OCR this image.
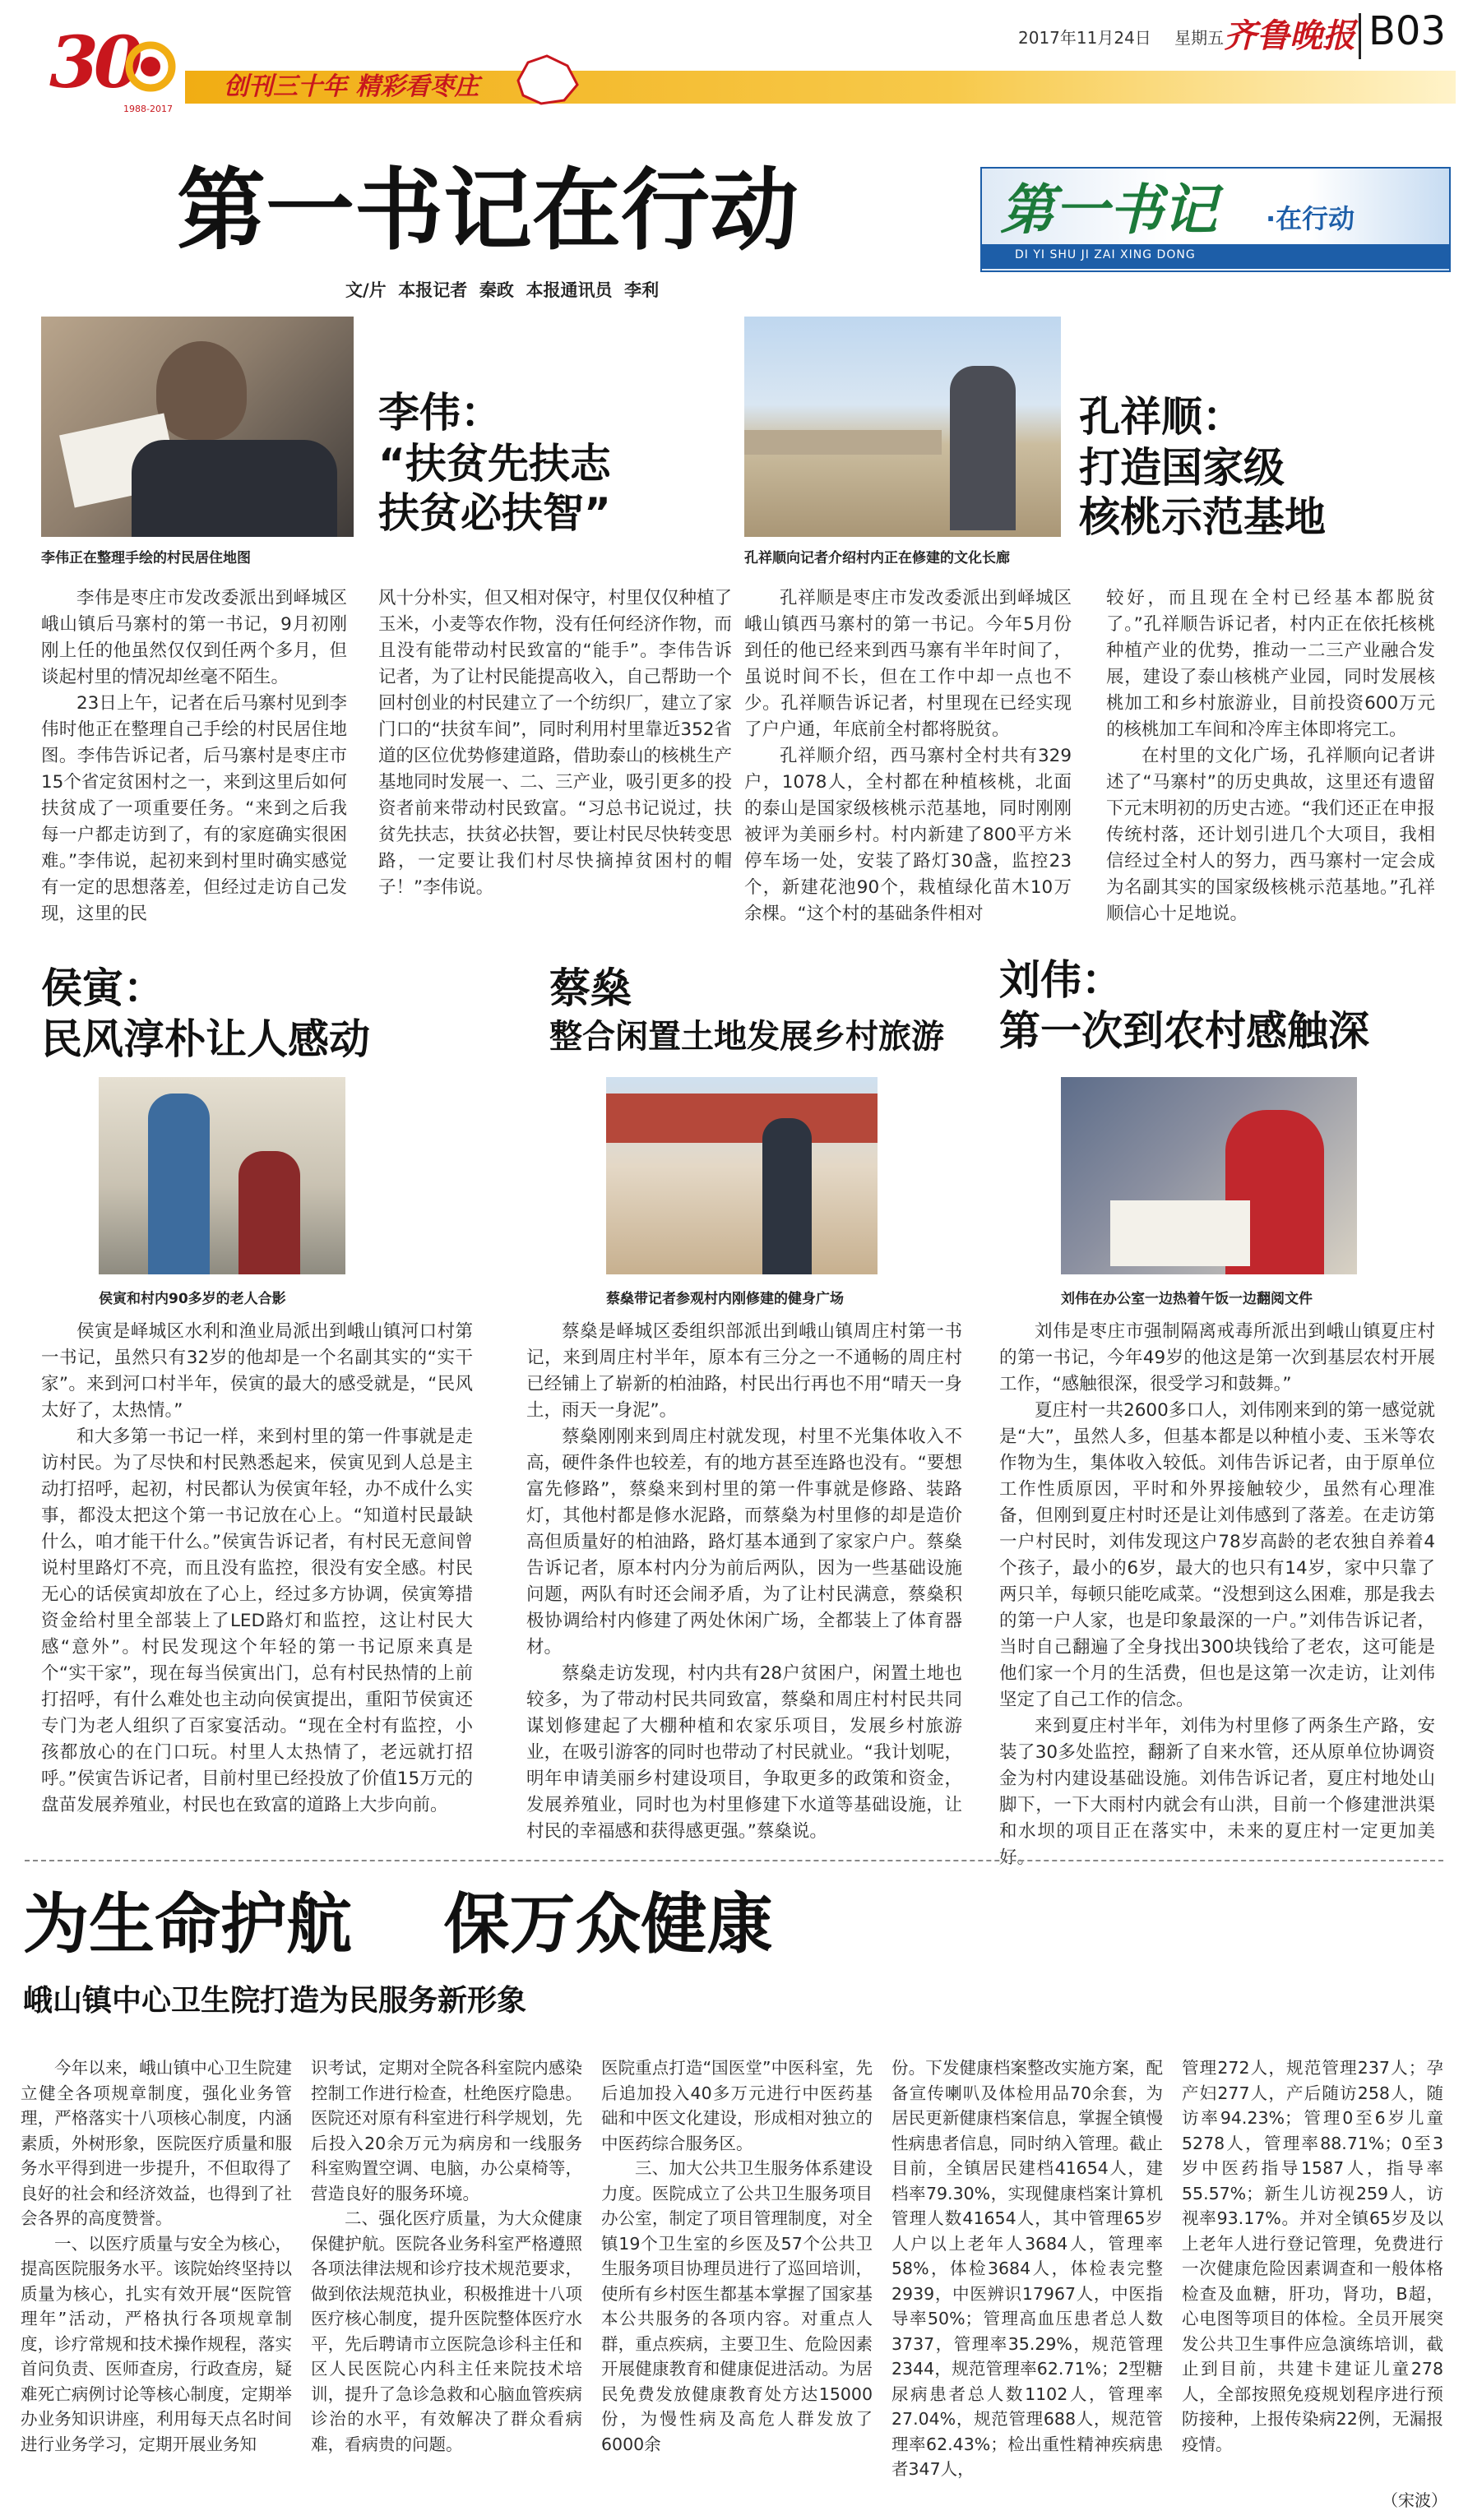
30
1988-2017
创刊三十年 精彩看枣庄
2017年11月24日 星期五 齐鲁晚报 B03
第一书记在行动
文/片  本报记者  秦政  本报通讯员  李利
第一书记 ·在行动
DI YI SHU JI ZAI XING DONG
李伟正在整理手绘的村民居住地图
李伟：
“扶贫先扶志
扶贫必扶智”

李伟是枣庄市发改委派出到峄城区峨山镇后马寨村的第一书记，9月初刚刚上任的他虽然仅仅到任两个多月，但谈起村里的情况却丝毫不陌生。

23日上午，记者在后马寨村见到李伟时他正在整理自己手绘的村民居住地图。李伟告诉记者，后马寨村是枣庄市15个省定贫困村之一，来到这里后如何扶贫成了一项重要任务。“来到之后我每一户都走访到了，有的家庭确实很困难。”李伟说，起初来到村里时确实感觉有一定的思想落差，但经过走访自己发现，这里的民

风十分朴实，但又相对保守，村里仅仅种植了玉米，小麦等农作物，没有任何经济作物，而且没有能带动村民致富的“能手”。李伟告诉记者，为了让村民能提高收入，自己帮助一个回村创业的村民建立了一个纺织厂，建立了家门口的“扶贫车间”，同时利用村里靠近352省道的区位优势修建道路，借助泰山的核桃生产基地同时发展一、二、三产业，吸引更多的投资者前来带动村民致富。“习总书记说过，扶贫先扶志，扶贫必扶智，要让村民尽快转变思路，一定要让我们村尽快摘掉贫困村的帽子！”李伟说。

孔祥顺向记者介绍村内正在修建的文化长廊
孔祥顺：
打造国家级
核桃示范基地

孔祥顺是枣庄市发改委派出到峄城区峨山镇西马寨村的第一书记。今年5月份到任的他已经来到西马寨有半年时间了，虽说时间不长，但在工作中却一点也不少。孔祥顺告诉记者，村里现在已经实现了户户通，年底前全村都将脱贫。

孔祥顺介绍，西马寨村全村共有329户，1078人，全村都在种植核桃，北面的泰山是国家级核桃示范基地，同时刚刚被评为美丽乡村。村内新建了800平方米停车场一处，安装了路灯30盏，监控23个，新建花池90个，栽植绿化苗木10万余棵。“这个村的基础条件相对

较好，而且现在全村已经基本都脱贫了。”孔祥顺告诉记者，村内正在依托核桃种植产业的优势，推动一二三产业融合发展，建设了泰山核桃产业园，同时发展核桃加工和乡村旅游业，目前投资600万元的核桃加工车间和冷库主体即将完工。

在村里的文化广场，孔祥顺向记者讲述了“马寨村”的历史典故，这里还有遗留下元末明初的历史古迹。“我们还正在申报传统村落，还计划引进几个大项目，我相信经过全村人的努力，西马寨村一定会成为名副其实的国家级核桃示范基地。”孔祥顺信心十足地说。

侯寅：
民风淳朴让人感动
侯寅和村内90多岁的老人合影

侯寅是峄城区水利和渔业局派出到峨山镇河口村第一书记，虽然只有32岁的他却是一个名副其实的“实干家”。来到河口村半年，侯寅的最大的感受就是，“民风太好了，太热情。”

和大多第一书记一样，来到村里的第一件事就是走访村民。为了尽快和村民熟悉起来，侯寅见到人总是主动打招呼，起初，村民都认为侯寅年轻，办不成什么实事，都没太把这个第一书记放在心上。“知道村民最缺什么，咱才能干什么。”侯寅告诉记者，有村民无意间曾说村里路灯不亮，而且没有监控，很没有安全感。村民无心的话侯寅却放在了心上，经过多方协调，侯寅筹措资金给村里全部装上了LED路灯和监控，这让村民大感“意外”。村民发现这个年轻的第一书记原来真是个“实干家”，现在每当侯寅出门，总有村民热情的上前打招呼，有什么难处也主动向侯寅提出，重阳节侯寅还专门为老人组织了百家宴活动。“现在全村有监控，小孩都放心的在门口玩。村里人太热情了，老远就打招呼。”侯寅告诉记者，目前村里已经投放了价值15万元的盘苗发展养殖业，村民也在致富的道路上大步向前。

蔡燊
整合闲置土地发展乡村旅游
蔡燊带记者参观村内刚修建的健身广场

蔡燊是峄城区委组织部派出到峨山镇周庄村第一书记，来到周庄村半年，原本有三分之一不通畅的周庄村已经铺上了崭新的柏油路，村民出行再也不用“晴天一身土，雨天一身泥”。

蔡燊刚刚来到周庄村就发现，村里不光集体收入不高，硬件条件也较差，有的地方甚至连路也没有。“要想富先修路”，蔡燊来到村里的第一件事就是修路、装路灯，其他村都是修水泥路，而蔡燊为村里修的却是造价高但质量好的柏油路，路灯基本通到了家家户户。蔡燊告诉记者，原本村内分为前后两队，因为一些基础设施问题，两队有时还会闹矛盾，为了让村民满意，蔡燊积极协调给村内修建了两处休闲广场，全都装上了体育器材。

蔡燊走访发现，村内共有28户贫困户，闲置土地也较多，为了带动村民共同致富，蔡燊和周庄村村民共同谋划修建起了大棚种植和农家乐项目，发展乡村旅游业，在吸引游客的同时也带动了村民就业。“我计划呢，明年申请美丽乡村建设项目，争取更多的政策和资金，发展养殖业，同时也为村里修建下水道等基础设施，让村民的幸福感和获得感更强。”蔡燊说。

刘伟：
第一次到农村感触深
刘伟在办公室一边热着午饭一边翻阅文件

刘伟是枣庄市强制隔离戒毒所派出到峨山镇夏庄村的第一书记，今年49岁的他这是第一次到基层农村开展工作，“感触很深，很受学习和鼓舞。”

夏庄村一共2600多口人，刘伟刚来到的第一感觉就是“大”，虽然人多，但基本都是以种植小麦、玉米等农作物为生，集体收入较低。刘伟告诉记者，由于原单位工作性质原因，平时和外界接触较少，虽然有心理准备，但刚到夏庄村时还是让刘伟感到了落差。在走访第一户村民时，刘伟发现这户78岁高龄的老农独自养着4个孩子，最小的6岁，最大的也只有14岁，家中只靠了两只羊，每顿只能吃咸菜。“没想到这么困难，那是我去的第一户人家，也是印象最深的一户。”刘伟告诉记者，当时自己翻遍了全身找出300块钱给了老农，这可能是他们家一个月的生活费，但也是这第一次走访，让刘伟坚定了自己工作的信念。

来到夏庄村半年，刘伟为村里修了两条生产路，安装了30多处监控，翻新了自来水管，还从原单位协调资金为村内建设基础设施。刘伟告诉记者，夏庄村地处山脚下，一下大雨村内就会有山洪，目前一个修建泄洪渠和水坝的项目正在落实中，未来的夏庄村一定更加美好。

为生命护航    保万众健康
峨山镇中心卫生院打造为民服务新形象

今年以来，峨山镇中心卫生院建立健全各项规章制度，强化业务管理，严格落实十八项核心制度，内涵素质，外树形象，医院医疗质量和服务水平得到进一步提升，不但取得了良好的社会和经济效益，也得到了社会各界的高度赞誉。

一、以医疗质量与安全为核心，提高医院服务水平。该院始终坚持以质量为核心，扎实有效开展“医院管理年”活动，严格执行各项规章制度，诊疗常规和技术操作规程，落实首问负责、医师查房，行政查房，疑难死亡病例讨论等核心制度，定期举办业务知识讲座，利用每天点名时间进行业务学习，定期开展业务知

识考试，定期对全院各科室院内感染控制工作进行检查，杜绝医疗隐患。医院还对原有科室进行科学规划，先后投入20余万元为病房和一线服务科室购置空调、电脑，办公桌椅等，营造良好的服务环境。

二、强化医疗质量，为大众健康保健护航。医院各业务科室严格遵照各项法律法规和诊疗技术规范要求，做到依法规范执业，积极推进十八项医疗核心制度，提升医院整体医疗水平，先后聘请市立医院急诊科主任和区人民医院心内科主任来院技术培训，提升了急诊急救和心脑血管疾病诊治的水平，有效解决了群众看病难，看病贵的问题。

医院重点打造“国医堂”中医科室，先后追加投入40多万元进行中医药基础和中医文化建设，形成相对独立的中医药综合服务区。

三、加大公共卫生服务体系建设力度。医院成立了公共卫生服务项目办公室，制定了项目管理制度，对全镇19个卫生室的乡医及57个公共卫生服务项目协理员进行了巡回培训，使所有乡村医生都基本掌握了国家基本公共服务的各项内容。对重点人群，重点疾病，主要卫生、危险因素开展健康教育和健康促进活动。为居民免费发放健康教育处方达15000份，为慢性病及高危人群发放了6000余

份。下发健康档案整改实施方案，配备宣传喇叭及体检用品70余套，为居民更新健康档案信息，掌握全镇慢性病患者信息，同时纳入管理。截止目前，全镇居民建档41654人，建档率79.30%，实现健康档案计算机管理人数41654人，其中管理65岁人户以上老年人3684人，管理率58%，体检3684人，体检表完整2939，中医辨识17967人，中医指导率50%；管理高血压患者总人数3737，管理率35.29%，规范管理2344，规范管理率62.71%；2型糖尿病患者总人数1102人，管理率27.04%，规范管理688人，规范管理率62.43%；检出重性精神疾病患者347人，

管理272人，规范管理237人；孕产妇277人，产后随访258人，随访率94.23%；管理0至6岁儿童5278人，管理率88.71%；0至3岁中医药指导1587人，指导率55.57%；新生儿访视259人，访视率93.17%。并对全镇65岁及以上老年人进行登记管理，免费进行一次健康危险因素调查和一般体格检查及血糖，肝功，肾功，B超，心电图等项目的体检。全员开展突发公共卫生事件应急演练培训，截止到目前，共建卡建证儿童278人，全部按照免疫规划程序进行预防接种，上报传染病22例，无漏报疫情。

（宋波）
